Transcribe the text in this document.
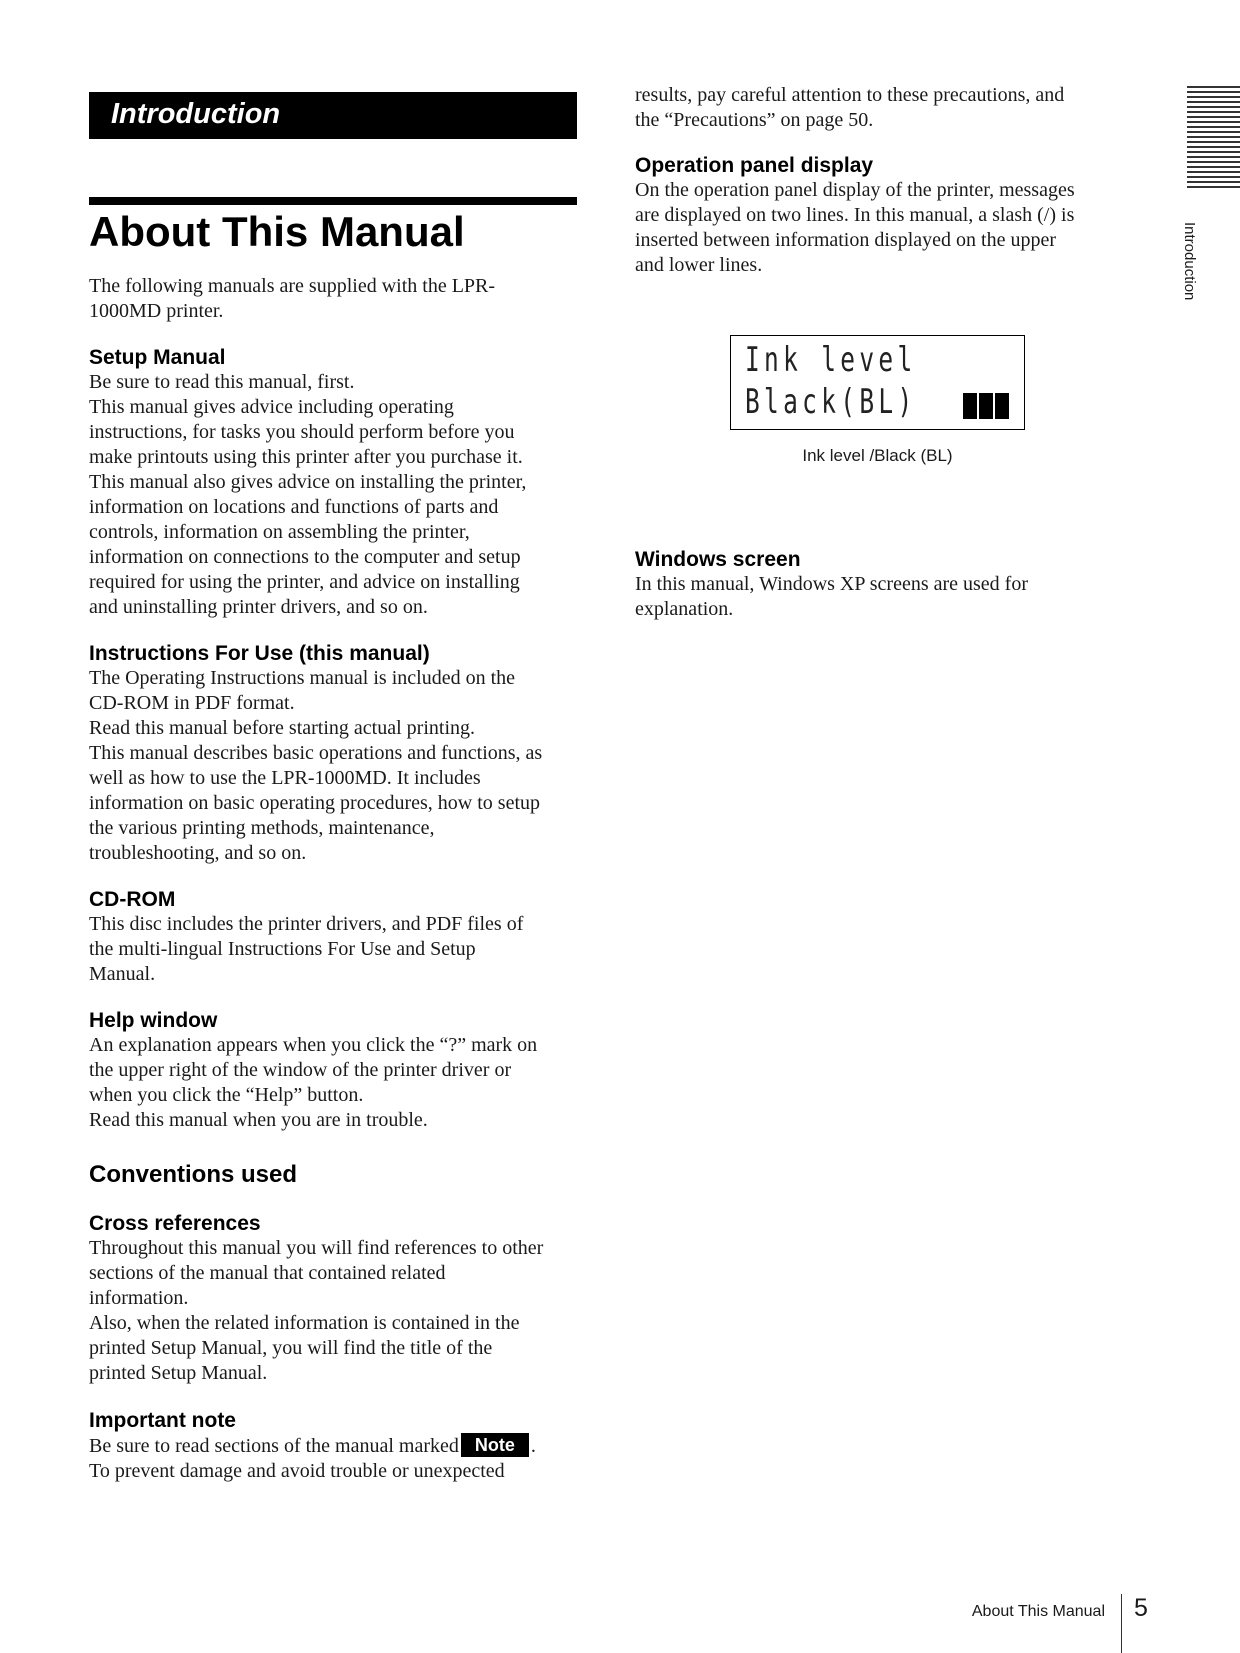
Introduction
Introduction
About This Manual

The following manuals are supplied with the LPR-
1000MD printer.

Setup Manual

Be sure to read this manual, first.

This manual gives advice including operating

instructions, for tasks you should perform before you

make printouts using this printer after you purchase it.

This manual also gives advice on installing the printer,

information on locations and functions of parts and

controls, information on assembling the printer,

information on connections to the computer and setup

required for using the printer, and advice on installing

and uninstalling printer drivers, and so on.

Instructions For Use (this manual)

The Operating Instructions manual is included on the

CD-ROM in PDF format.

Read this manual before starting actual printing.

This manual describes basic operations and functions, as

well as how to use the LPR-1000MD. It includes

information on basic operating procedures, how to setup

the various printing methods, maintenance,

troubleshooting, and so on.

CD-ROM

This disc includes the printer drivers, and PDF files of

the multi-lingual Instructions For Use and Setup

Manual.

Help window

An explanation appears when you click the “?” mark on

the upper right of the window of the printer driver or

when you click the “Help” button.

Read this manual when you are in trouble.

Conventions used

Cross references

Throughout this manual you will find references to other

sections of the manual that contained related

information.

Also, when the related information is contained in the

printed Setup Manual, you will find the title of the

printed Setup Manual.

Important note

Be sure to read sections of the manual marked Note .

To prevent damage and avoid trouble or unexpected

results, pay careful attention to these precautions, and

the “Precautions” on page 50.

Operation panel display

On the operation panel display of the printer, messages

are displayed on two lines. In this manual, a slash (/) is

inserted between information displayed on the upper

and lower lines.

Windows screen

In this manual, Windows XP screens are used for

explanation.

Ink level
Black(BL)
Ink level /Black (BL)
About This Manual 5
